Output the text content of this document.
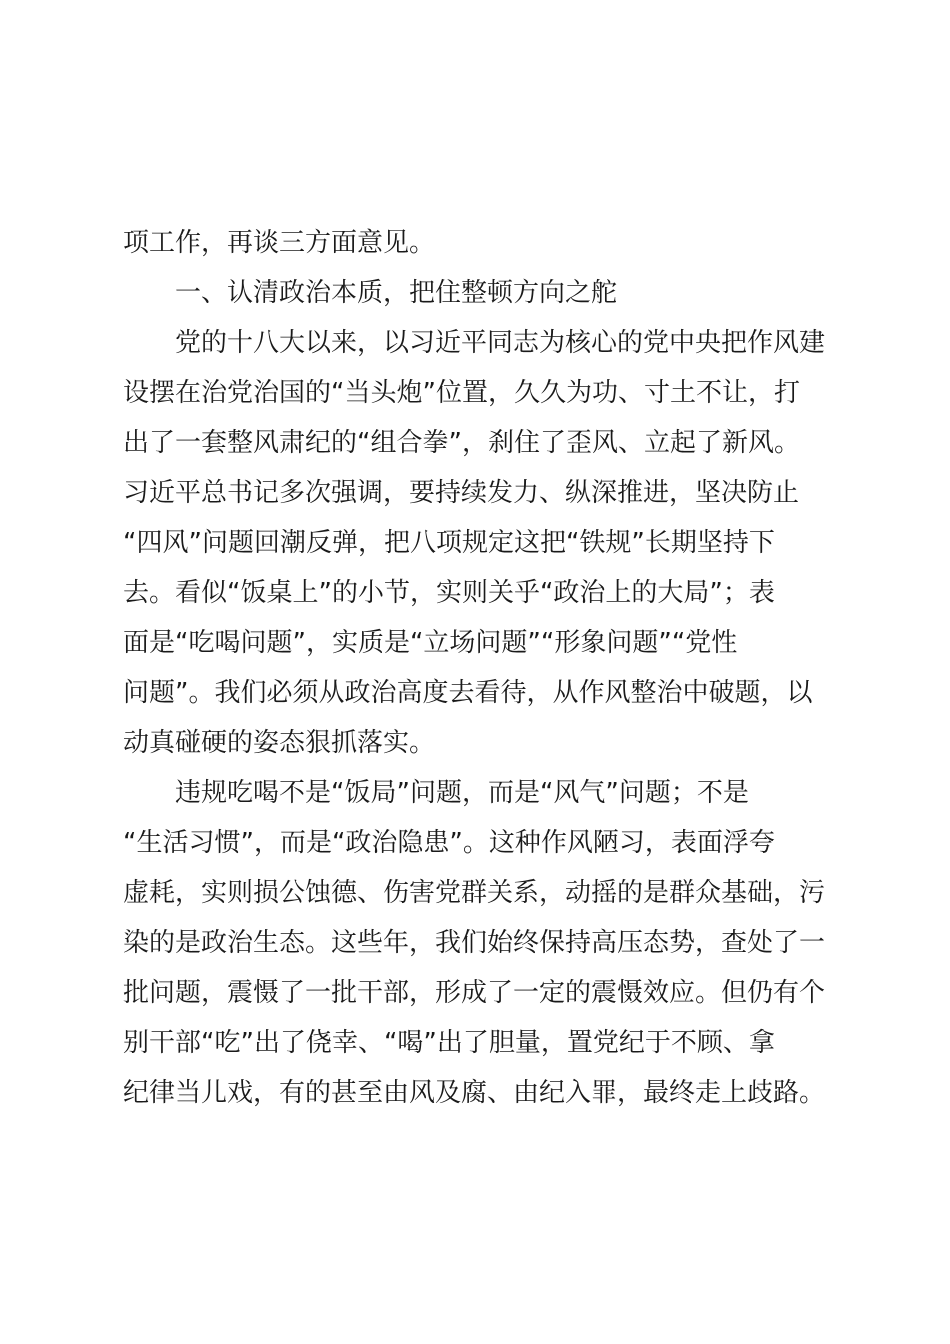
项工作，再谈三方面意见。
一、认清政治本质，把住整顿方向之舵
党的十八大以来，以习近平同志为核心的党中央把作风建
设摆在治党治国的“当头炮”位置，久久为功、寸土不让，打
出了一套整风肃纪的“组合拳”，刹住了歪风、立起了新风。
习近平总书记多次强调，要持续发力、纵深推进，坚决防止
“四风”问题回潮反弹，把八项规定这把“铁规”长期坚持下
去。看似“饭桌上”的小节，实则关乎“政治上的大局”；表
面是“吃喝问题”，实质是“立场问题”“形象问题”“党性
问题”。我们必须从政治高度去看待，从作风整治中破题，以
动真碰硬的姿态狠抓落实。
违规吃喝不是“饭局”问题，而是“风气”问题；不是
“生活习惯”，而是“政治隐患”。这种作风陋习，表面浮夸
虚耗，实则损公蚀德、伤害党群关系，动摇的是群众基础，污
染的是政治生态。这些年，我们始终保持高压态势，查处了一
批问题，震慑了一批干部，形成了一定的震慑效应。但仍有个
别干部“吃”出了侥幸、“喝”出了胆量，置党纪于不顾、拿
纪律当儿戏，有的甚至由风及腐、由纪入罪，最终走上歧路。
